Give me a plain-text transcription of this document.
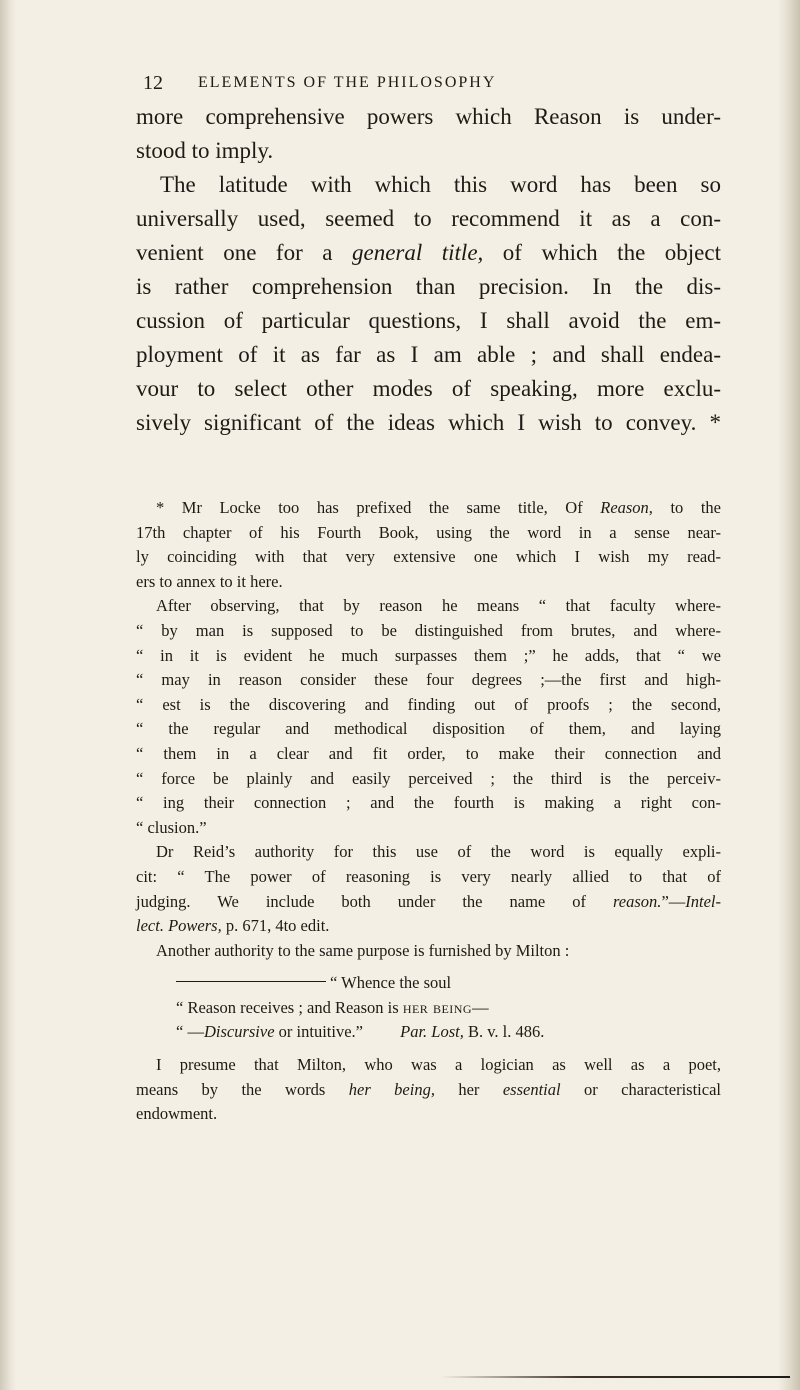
12 ELEMENTS OF THE PHILOSOPHY

more comprehensive powers which Reason is under-

stood to imply.

The latitude with which this word has been so

universally used, seemed to recommend it as a con-

venient one for a general title, of which the object

is rather comprehension than precision. In the dis-

cussion of particular questions, I shall avoid the em-

ployment of it as far as I am able ; and shall endea-

vour to select other modes of speaking, more exclu-

sively significant of the ideas which I wish to convey. *

* Mr Locke too has prefixed the same title, Of Reason, to the

17th chapter of his Fourth Book, using the word in a sense near-

ly coinciding with that very extensive one which I wish my read-

ers to annex to it here.

After observing, that by reason he means “ that faculty where-

“ by man is supposed to be distinguished from brutes, and where-

“ in it is evident he much surpasses them ;” he adds, that “ we

“ may in reason consider these four degrees ;—the first and high-

“ est is the discovering and finding out of proofs ; the second,

“ the regular and methodical disposition of them, and laying

“ them in a clear and fit order, to make their connection and

“ force be plainly and easily perceived ; the third is the perceiv-

“ ing their connection ; and the fourth is making a right con-

“ clusion.”

Dr Reid’s authority for this use of the word is equally expli-

cit: “ The power of reasoning is very nearly allied to that of

judging. We include both under the name of reason.”—Intel-

lect. Powers, p. 671, 4to edit.

Another authority to the same purpose is furnished by Milton :

“ Whence the soul

“ Reason receives ; and Reason is her being—

“ —Discursive or intuitive.”         Par. Lost, B. v. l. 486.

I presume that Milton, who was a logician as well as a poet,

means by the words her being, her essential or characteristical

endowment.
